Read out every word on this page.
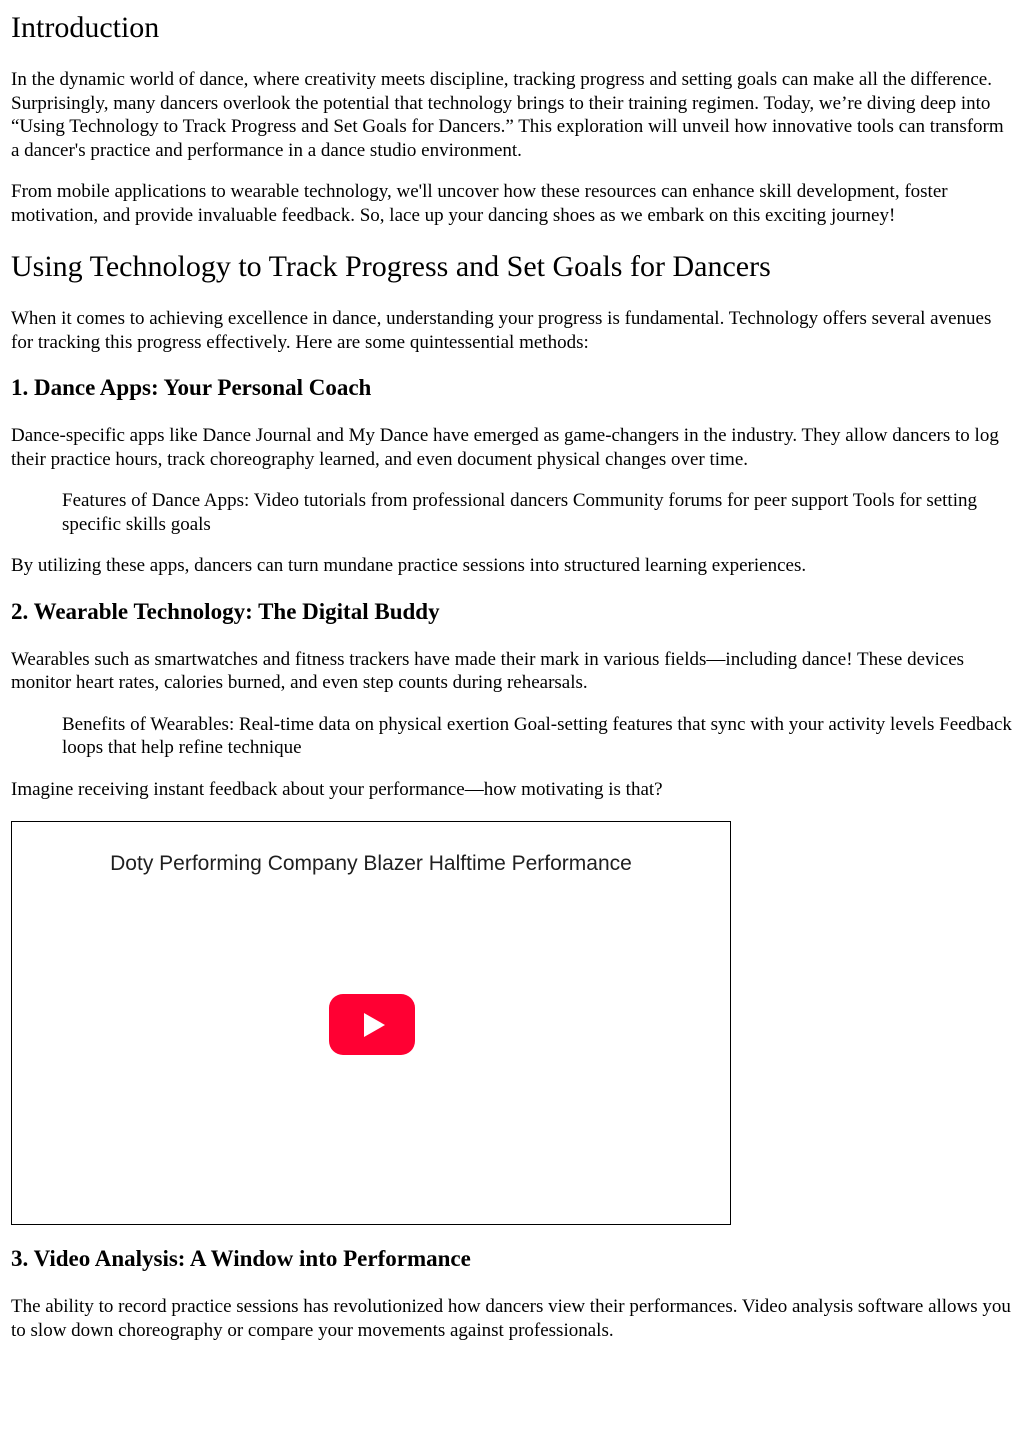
Introduction

In the dynamic world of dance, where creativity meets discipline, tracking progress and setting goals can make all the difference. Surprisingly, many dancers overlook the potential that technology brings to their training regimen. Today, we’re diving deep into “Using Technology to Track Progress and Set Goals for Dancers.” This exploration will unveil how innovative tools can transform a dancer's practice and performance in a dance studio environment.

From mobile applications to wearable technology, we'll uncover how these resources can enhance skill development, foster motivation, and provide invaluable feedback. So, lace up your dancing shoes as we embark on this exciting journey!

Using Technology to Track Progress and Set Goals for Dancers

When it comes to achieving excellence in dance, understanding your progress is fundamental. Technology offers several avenues for tracking this progress effectively. Here are some quintessential methods:

1. Dance Apps: Your Personal Coach

Dance-specific apps like Dance Journal and My Dance have emerged as game-changers in the industry. They allow dancers to log their practice hours, track choreography learned, and even document physical changes over time.

Features of Dance Apps: Video tutorials from professional dancers Community forums for peer support Tools for setting specific skills goals

By utilizing these apps, dancers can turn mundane practice sessions into structured learning experiences.

2. Wearable Technology: The Digital Buddy

Wearables such as smartwatches and fitness trackers have made their mark in various fields—including dance! These devices monitor heart rates, calories burned, and even step counts during rehearsals.

Benefits of Wearables: Real-time data on physical exertion Goal-setting features that sync with your activity levels Feedback loops that help refine technique

Imagine receiving instant feedback about your performance—how motivating is that?

Doty Performing Company Blazer Halftime Performance
3. Video Analysis: A Window into Performance

The ability to record practice sessions has revolutionized how dancers view their performances. Video analysis software allows you to slow down choreography or compare your movements against professionals.
